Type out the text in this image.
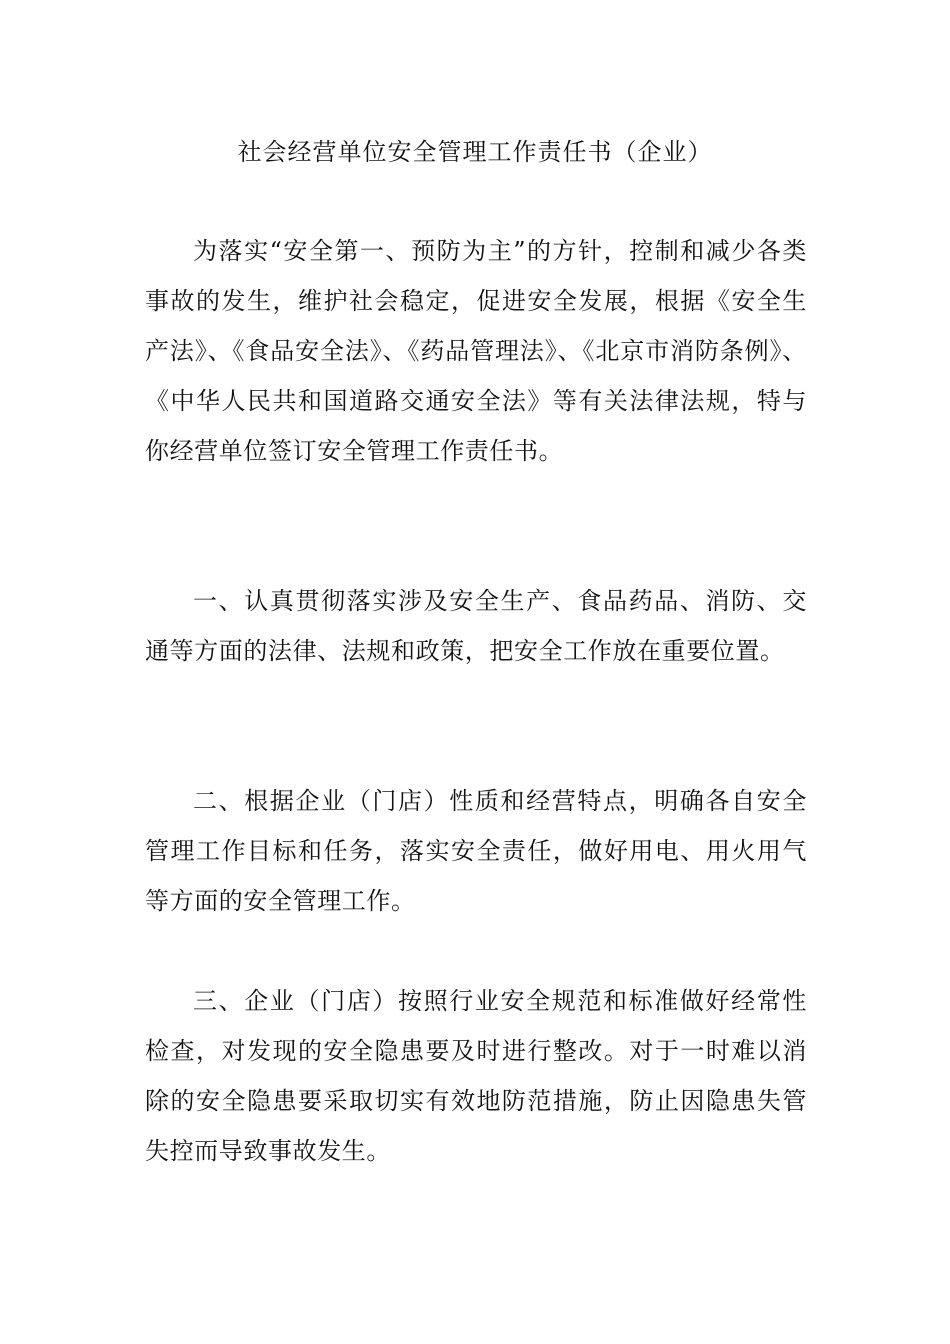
社会经营单位安全管理工作责任书（企业）

为落实“安全第一、预防为主”的方针，控制和减少各类事故的发生，维护社会稳定，促进安全发展，根据《安全生产法》、《食品安全法》、《药品管理法》、《北京市消防条例》、《中华人民共和国道路交通安全法》等有关法律法规，特与你经营单位签订安全管理工作责任书。

一、认真贯彻落实涉及安全生产、食品药品、消防、交通等方面的法律、法规和政策，把安全工作放在重要位置。

二、根据企业（门店）性质和经营特点，明确各自安全管理工作目标和任务，落实安全责任，做好用电、用火用气等方面的安全管理工作。

三、企业（门店）按照行业安全规范和标准做好经常性检查，对发现的安全隐患要及时进行整改。对于一时难以消除的安全隐患要采取切实有效地防范措施，防止因隐患失管失控而导致事故发生。
